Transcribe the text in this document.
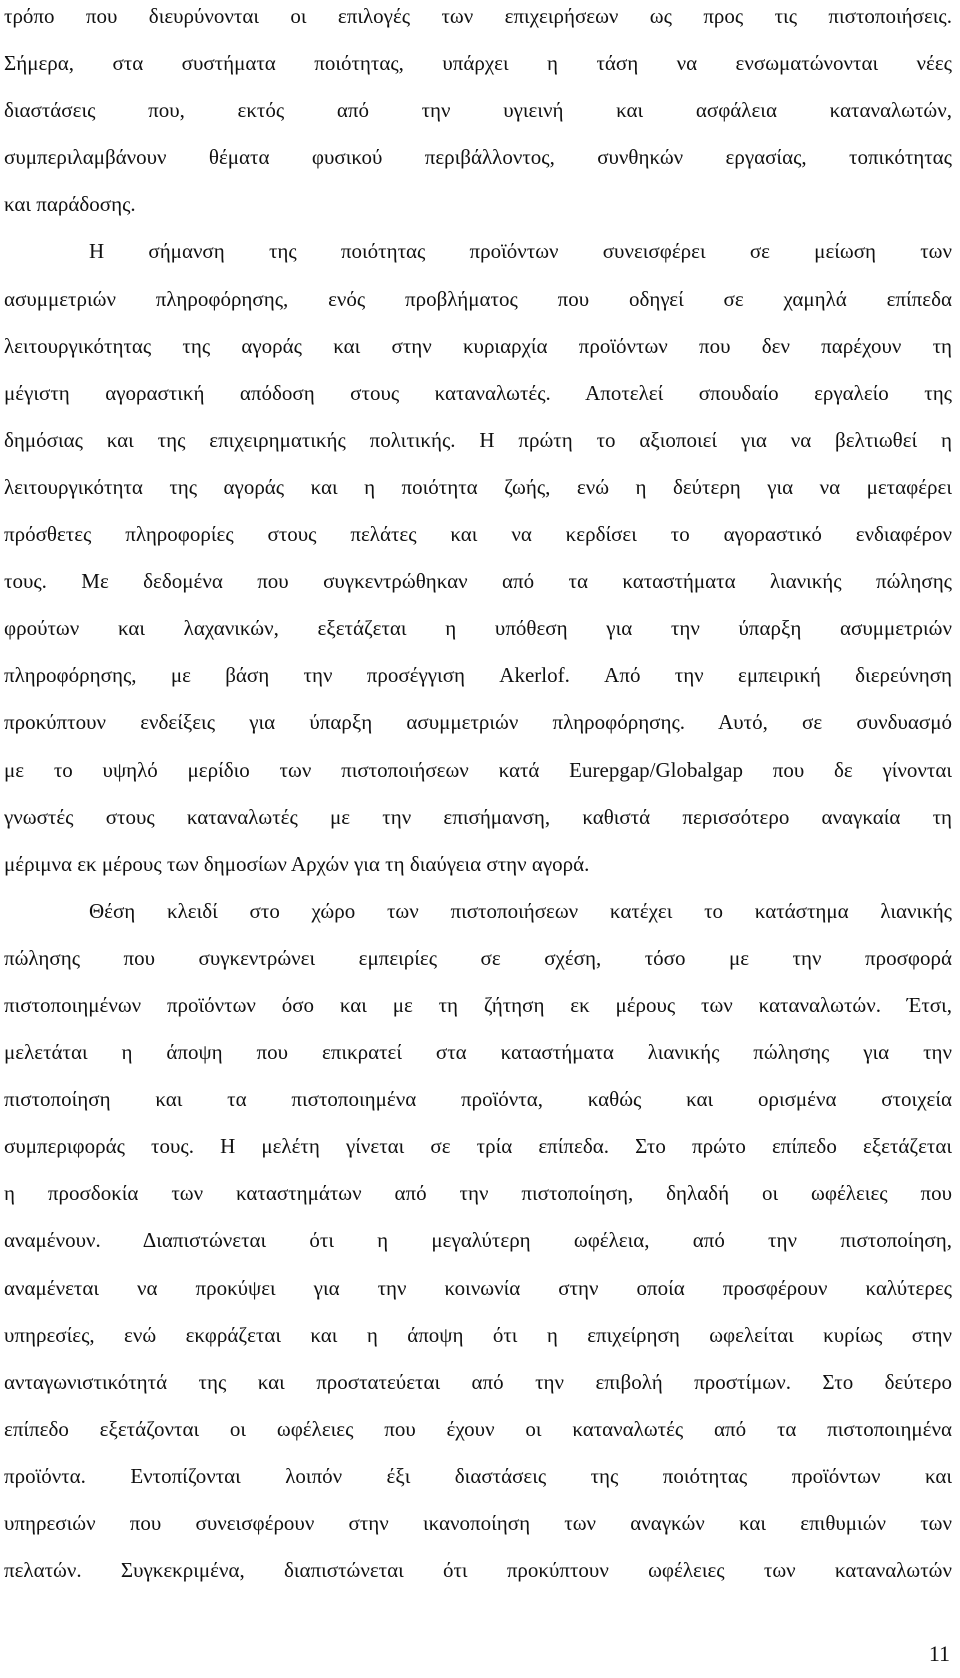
τρόπο που διευρύνονται οι επιλογές των επιχειρήσεων ως προς τις πιστοποιήσεις.
Σήμερα, στα συστήματα ποιότητας, υπάρχει η τάση να ενσωματώνονται νέες
διαστάσεις που, εκτός από την υγιεινή και ασφάλεια καταναλωτών,
συμπεριλαμβάνουν θέματα φυσικού περιβάλλοντος, συνθηκών εργασίας, τοπικότητας
και παράδοσης.
Η σήμανση της ποιότητας προϊόντων συνεισφέρει σε μείωση των
ασυμμετριών πληροφόρησης, ενός προβλήματος που οδηγεί σε χαμηλά επίπεδα
λειτουργικότητας της αγοράς και στην κυριαρχία προϊόντων που δεν παρέχουν τη
μέγιστη αγοραστική απόδοση στους καταναλωτές. Αποτελεί σπουδαίο εργαλείο της
δημόσιας και της επιχειρηματικής πολιτικής. Η πρώτη το αξιοποιεί για να βελτιωθεί η
λειτουργικότητα της αγοράς και η ποιότητα ζωής, ενώ η δεύτερη για να μεταφέρει
πρόσθετες πληροφορίες στους πελάτες και να κερδίσει το αγοραστικό ενδιαφέρον
τους. Με δεδομένα που συγκεντρώθηκαν από τα καταστήματα λιανικής πώλησης
φρούτων και λαχανικών, εξετάζεται η υπόθεση για την ύπαρξη ασυμμετριών
πληροφόρησης, με βάση την προσέγγιση Akerlof. Από την εμπειρική διερεύνηση
προκύπτουν ενδείξεις για ύπαρξη ασυμμετριών πληροφόρησης. Αυτό, σε συνδυασμό
με το υψηλό μερίδιο των πιστοποιήσεων κατά Eurepgap/Globalgap που δε γίνονται
γνωστές στους καταναλωτές με την επισήμανση, καθιστά περισσότερο αναγκαία τη
μέριμνα εκ μέρους των δημοσίων Αρχών για τη διαύγεια στην αγορά.
Θέση κλειδί στο χώρο των πιστοποιήσεων κατέχει το κατάστημα λιανικής
πώλησης που συγκεντρώνει εμπειρίες σε σχέση, τόσο με την προσφορά
πιστοποιημένων προϊόντων όσο και με τη ζήτηση εκ μέρους των καταναλωτών. Έτσι,
μελετάται η άποψη που επικρατεί στα καταστήματα λιανικής πώλησης για την
πιστοποίηση και τα πιστοποιημένα προϊόντα, καθώς και ορισμένα στοιχεία
συμπεριφοράς τους. Η μελέτη γίνεται σε τρία επίπεδα. Στο πρώτο επίπεδο εξετάζεται
η προσδοκία των καταστημάτων από την πιστοποίηση, δηλαδή οι ωφέλειες που
αναμένουν. Διαπιστώνεται ότι η μεγαλύτερη ωφέλεια, από την πιστοποίηση,
αναμένεται να προκύψει για την κοινωνία στην οποία προσφέρουν καλύτερες
υπηρεσίες, ενώ εκφράζεται και η άποψη ότι η επιχείρηση ωφελείται κυρίως στην
ανταγωνιστικότητά της και προστατεύεται από την επιβολή προστίμων. Στο δεύτερο
επίπεδο εξετάζονται οι ωφέλειες που έχουν οι καταναλωτές από τα πιστοποιημένα
προϊόντα. Εντοπίζονται λοιπόν έξι διαστάσεις της ποιότητας προϊόντων και
υπηρεσιών που συνεισφέρουν στην ικανοποίηση των αναγκών και επιθυμιών των
πελατών. Συγκεκριμένα, διαπιστώνεται ότι προκύπτουν ωφέλειες των καταναλωτών
11
